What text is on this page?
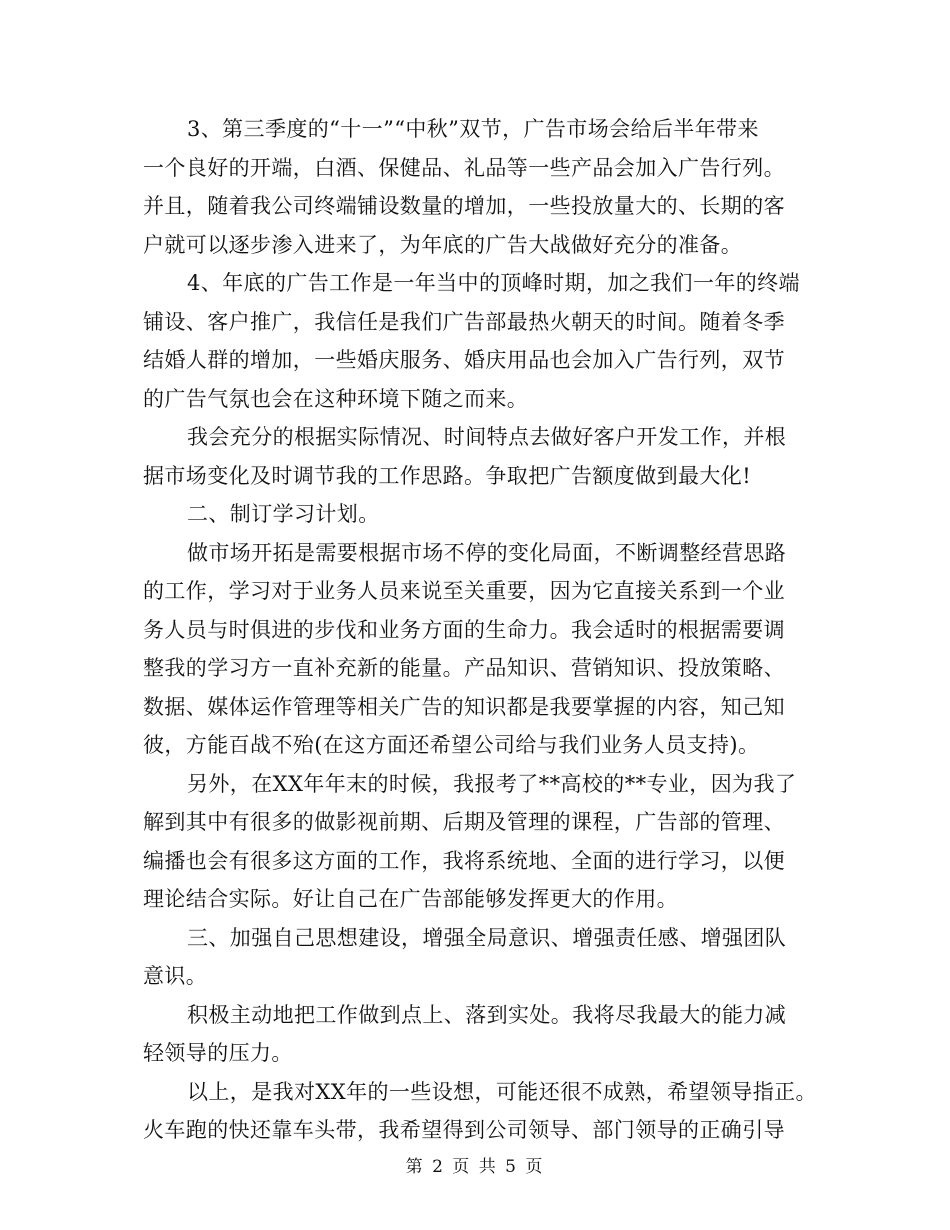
3、第三季度的“十一”“中秋”双节，广告市场会给后半年带来
一个良好的开端，白酒、保健品、礼品等一些产品会加入广告行列。
并且，随着我公司终端铺设数量的增加，一些投放量大的、长期的客
户就可以逐步渗入进来了，为年底的广告大战做好充分的准备。
4、年底的广告工作是一年当中的顶峰时期，加之我们一年的终端
铺设、客户推广，我信任是我们广告部最热火朝天的时间。随着冬季
结婚人群的增加，一些婚庆服务、婚庆用品也会加入广告行列，双节
的广告气氛也会在这种环境下随之而来。
我会充分的根据实际情况、时间特点去做好客户开发工作，并根
据市场变化及时调节我的工作思路。争取把广告额度做到最大化!
二、制订学习计划。
做市场开拓是需要根据市场不停的变化局面，不断调整经营思路
的工作，学习对于业务人员来说至关重要，因为它直接关系到一个业
务人员与时俱进的步伐和业务方面的生命力。我会适时的根据需要调
整我的学习方一直补充新的能量。产品知识、营销知识、投放策略、
数据、媒体运作管理等相关广告的知识都是我要掌握的内容，知己知
彼，方能百战不殆(在这方面还希望公司给与我们业务人员支持)。
另外，在XX年年末的时候，我报考了**高校的**专业，因为我了
解到其中有很多的做影视前期、后期及管理的课程，广告部的管理、
编播也会有很多这方面的工作，我将系统地、全面的进行学习，以便
理论结合实际。好让自己在广告部能够发挥更大的作用。
三、加强自己思想建设，增强全局意识、增强责任感、增强团队
意识。
积极主动地把工作做到点上、落到实处。我将尽我最大的能力减
轻领导的压力。
以上，是我对XX年的一些设想，可能还很不成熟，希望领导指正。
火车跑的快还靠车头带，我希望得到公司领导、部门领导的正确引导
第 2 页 共 5 页
